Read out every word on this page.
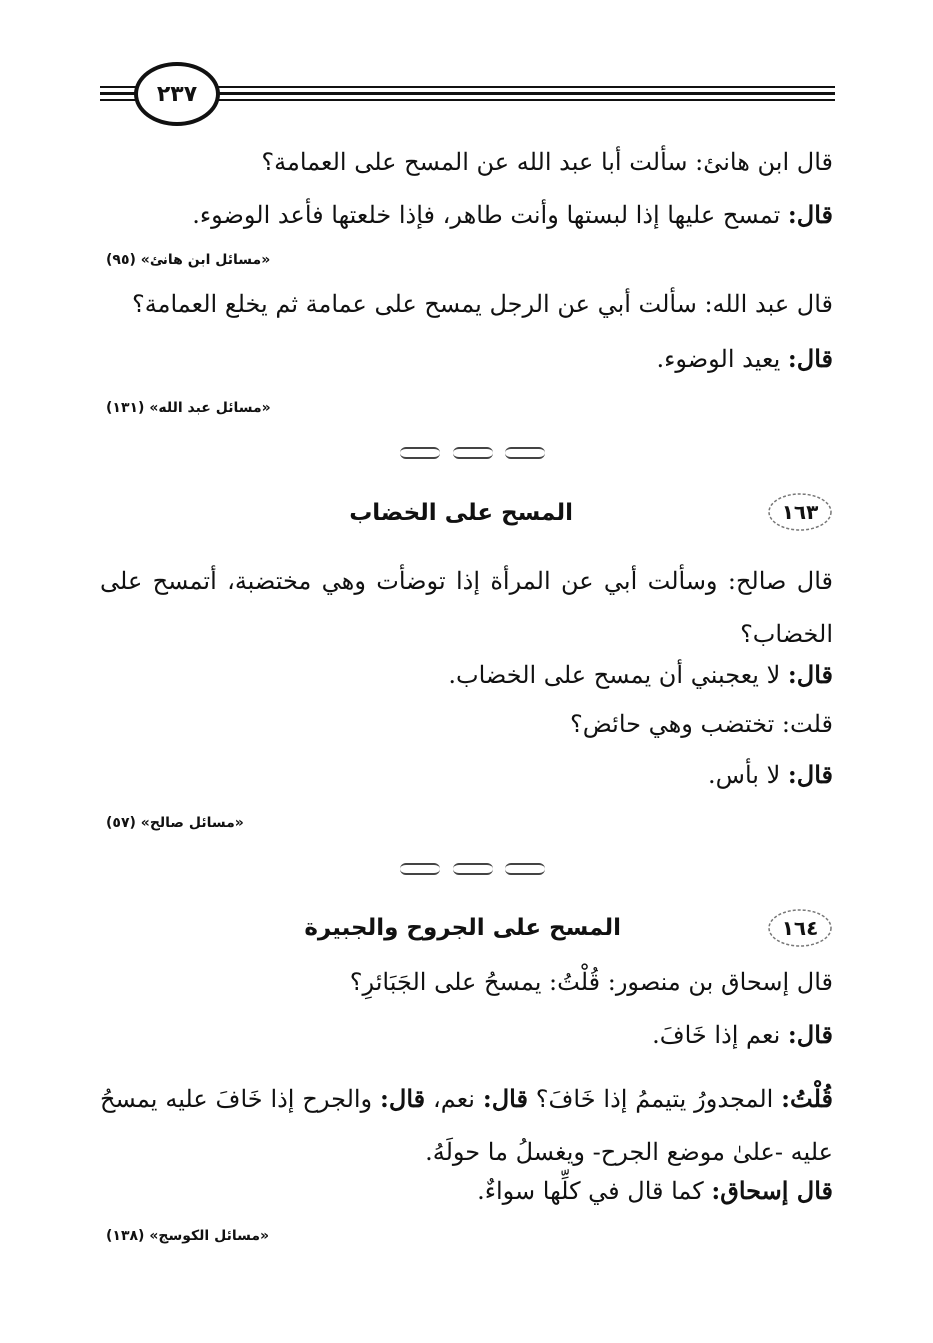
٢٣٧
قال ابن هانئ: سألت أبا عبد الله عن المسح على العمامة؟
قال: تمسح عليها إذا لبستها وأنت طاهر، فإذا خلعتها فأعد الوضوء.
«مسائل ابن هانئ» (٩٥)
قال عبد الله: سألت أبي عن الرجل يمسح على عمامة ثم يخلع العمامة؟
قال: يعيد الوضوء.
«مسائل عبد الله» (١٣١)
١٦٣
المسح على الخضاب
قال صالح: وسألت أبي عن المرأة إذا توضأت وهي مختضبة، أتمسح على الخضاب؟
قال: لا يعجبني أن يمسح على الخضاب.
قلت: تختضب وهي حائض؟
قال: لا بأس.
«مسائل صالح» (٥٧)
١٦٤
المسح على الجروح والجبيرة
قال إسحاق بن منصور: قُلْتُ: يمسحُ على الجَبَائرِ؟
قال: نعم إذا خَافَ.
قُلْتُ: المجدورُ يتيممُ إذا خَافَ؟ قال: نعم، قال: والجرح إذا خَافَ عليه يمسحُ عليه -علىٰ موضع الجرح- ويغسلُ ما حولَهُ.
قال إسحاق: كما قال في كلِّها سواءٌ.
«مسائل الكوسج» (١٣٨)
